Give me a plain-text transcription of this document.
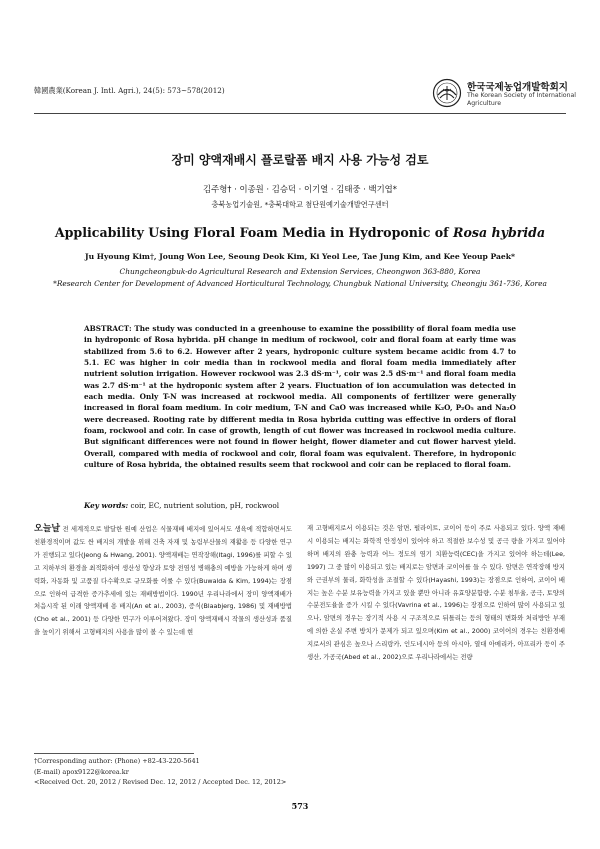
韓國農業(Korean J. Intl. Agri.), 24(5): 573~578(2012)	한국국제농업개발학회지
The Korean Society of International Agriculture
장미 양액재배시 플로랄폼 배지 사용 가능성 검토
김주형† · 이종원 · 김승덕 · 이기열 · 김태중 · 백기엽*
충북농업기술원, *충북대학교 첨단원예기술개발연구센터
Applicability Using Floral Foam Media in Hydroponic of Rosa hybrida
Ju Hyoung Kim†, Joung Won Lee, Seoung Deok Kim, Ki Yeol Lee, Tae Jung Kim, and Kee Yeoup Paek*
Chungcheongbuk-do Agricultural Research and Extension Services, Cheongwon 363-880, Korea
*Research Center for Development of Advanced Horticultural Technology, Chungbuk National University, Cheongju 361-736, Korea

ABSTRACT: The study was conducted in a greenhouse to examine the possibility of floral foam media use in hydroponic of Rosa hybrida. pH change in medium of rockwool, coir and floral foam at early time was stabilized from 5.6 to 6.2. However after 2 years, hydroponic culture system became acidic from 4.7 to 5.1. EC was higher in coir media than in rockwool media and floral foam media immediately after nutrient solution irrigation. However rockwool was 2.3 dS·m⁻¹, coir was 2.5 dS·m⁻¹ and floral foam media was 2.7 dS·m⁻¹ at the hydroponic system after 2 years. Fluctuation of ion accumulation was detected in each media. Only T-N was increased at rockwool media. All components of fertilizer were generally increased in floral foam medium. In coir medium, T-N and CaO was increased while K₂O, P₂O₅ and Na₂O were decreased. Rooting rate by different media in Rosa hybrida cutting was effective in orders of floral foam, rockwool and coir. In case of growth, length of cut flower was increased in rockwool media culture. But significant differences were not found in flower height, flower diameter and cut flower harvest yield. Overall, compared with media of rockwool and coir, floral foam was equivalent. Therefore, in hydroponic culture of Rosa hybrida, the obtained results seem that rockwool and coir can be replaced to floral foam.

Key words: coir, EC, nutrient solution, pH, rockwool

오늘날 전 세계적으로 발달한 원예 산업은 식물재배 배지에 있어서도 생육에 적합하면서도 친환경적이며 값도 싼 배지의 개발을 위해 건축 자재 및 농림부산물의 재활용 등 다양한 연구가 진행되고 있다(Jeong & Hwang, 2001). 양액재배는 연작장해(Itagi, 1996)를 피할 수 있고 지하부의 환경을 최적화하여 생산성 향상과 토양 전염성 병해충의 예방을 가능하게 하며 생력화, 자동화 및 고품질 다수확으로 규모화를 이룰 수 있다(Buwalda & Kim, 1994)는 장점으로 인하여 급격한 증가추세에 있는 재배방법이다. 1990년 우리나라에서 장미 양액재배가 처음시작 된 이래 양액재배 용 배지(An et al., 2003), 증식(Blaabjerg, 1986) 및 재배방법(Cho et al., 2001) 등 다양한 연구가 이루어져왔다. 장미 양액재배시 작물의 생산성과 품질을 높이기 위해서 고형배지의 사용을 많이 볼 수 있는데 현

재 고형배지로서 이용되는 것은 암면, 펄라이트, 코이어 등이 주로 사용되고 있다. 양액 재배 시 이용되는 배지는 화학적 안정성이 있어야 하고 적절한 보수성 및 공극 량을 가지고 있어야 하며 배지의 완충 능력과 어느 정도의 염기 치환능력(CEC)을 가지고 있어야 하는데(Lee, 1997) 그 중 많이 이용되고 있는 배지로는 암면과 코이어를 들 수 있다. 암면은 연작장해 방지와 근권부의 물리, 화학성을 조절할 수 있다(Hayashi, 1993)는 장점으로 인하여, 코이어 배지는 높은 수분 보유능력을 가지고 있을 뿐만 아니라 유효양분함량, 수분 침투율, 공극, 토양의 수분전도율을 증가 시킬 수 있다(Vavrina et al., 1996)는 장점으로 인하여 많이 사용되고 있으나, 암면의 경우는 장기적 사용 시 구조적으로 뒤틀리는 등의 형태의 변화와 처리방안 부재에 의한 온실 주변 방치가 문제가 되고 있으며(Kim et al., 2000) 코이어의 경우는 친환경배지로서의 관심은 높으나 스리랑카, 인도네시아 등의 아시아, 열대 아메리카, 아프리카 등이 주 생산, 가공국(Abed et al., 2002)으로 우리나라에서는 전량

†Corresponding author: (Phone) +82-43-220-5641
(E-mail) apox9122@korea.kr
<Received Oct. 20, 2012 / Revised Dec. 12, 2012 / Accepted Dec. 12, 2012>
573
